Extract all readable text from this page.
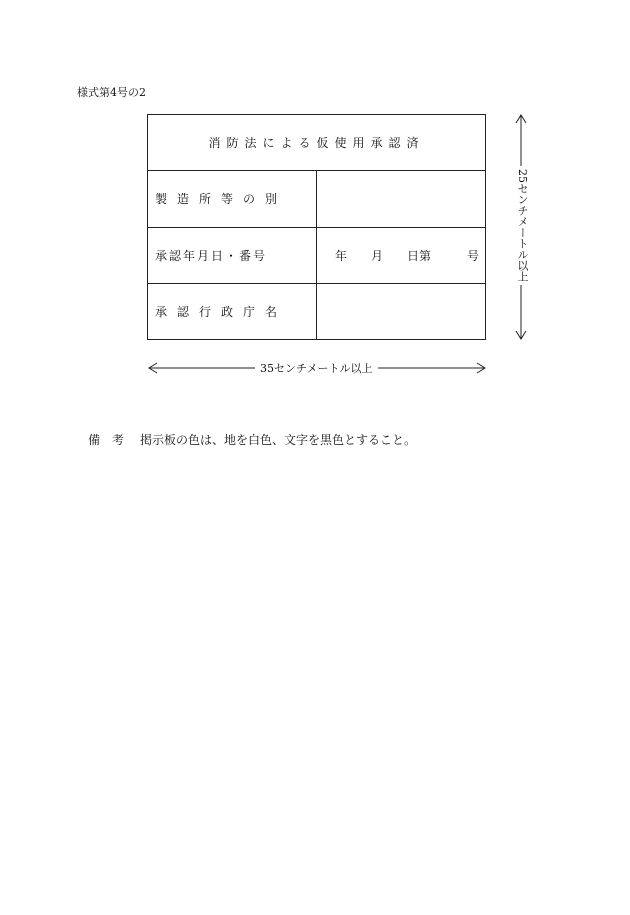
様式第4号の2
消防法による仮使用承認済	
製造所等の別	
承認年月日・番号	年　　月　　日第　　　号
承認行政庁名	
35センチメートル以上
25センチメートル以上
備考 掲示板の色は、地を白色、文字を黒色とすること。
